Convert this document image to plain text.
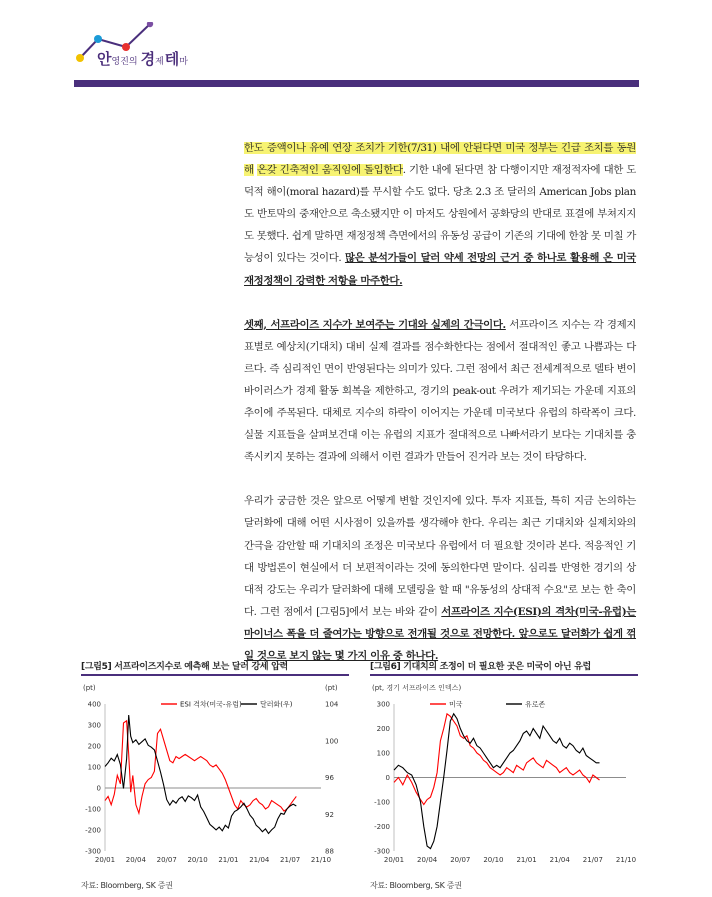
안영진의 경제테마

한도 증액이나 유예 연장 조치가 기한(7/31) 내에 안된다면 미국 정부는 긴급 조치를 동원해 온갖 긴축적인 움직임에 돌입한다. 기한 내에 된다면 참 다행이지만 재정적자에 대한 도덕적 해이(moral hazard)를 무시할 수도 없다. 당초 2.3 조 달러의 American Jobs plan 도 반토막의 중재안으로 축소됐지만 이 마저도 상원에서 공화당의 반대로 표결에 부쳐지지도 못했다. 쉽게 말하면 재정정책 측면에서의 유동성 공급이 기존의 기대에 한참 못 미칠 가능성이 있다는 것이다. 많은 분석가들이 달러 약세 전망의 근거 중 하나로 활용해 온 미국 재정정책이 강력한 저항을 마주한다.

셋째, 서프라이즈 지수가 보여주는 기대와 실제의 간극이다. 서프라이즈 지수는 각 경제지표별로 예상치(기대치) 대비 실제 결과를 점수화한다는 점에서 절대적인 좋고 나쁨과는 다르다. 즉 심리적인 면이 반영된다는 의미가 있다. 그런 점에서 최근 전세계적으로 델타 변이 바이러스가 경제 활동 회복을 제한하고, 경기의 peak-out 우려가 제기되는 가운데 지표의 추이에 주목된다. 대체로 지수의 하락이 이어지는 가운데 미국보다 유럽의 하락폭이 크다. 실물 지표들을 살펴보건대 이는 유럽의 지표가 절대적으로 나빠서라기 보다는 기대치를 충족시키지 못하는 결과에 의해서 이런 결과가 만들어 진거라 보는 것이 타당하다.

우리가 궁금한 것은 앞으로 어떻게 변할 것인지에 있다. 투자 지표들, 특히 지금 논의하는 달러화에 대해 어떤 시사점이 있을까를 생각해야 한다. 우리는 최근 기대치와 실제치와의 간극을 감안할 때 기대치의 조정은 미국보다 유럽에서 더 필요할 것이라 본다. 적응적인 기대 방법론이 현실에서 더 보편적이라는 것에 동의한다면 말이다. 심리를 반영한 경기의 상대적 강도는 우리가 달러화에 대해 모델링을 할 때 "유동성의 상대적 수요"로 보는 한 축이다. 그런 점에서 [그림5]에서 보는 바와 같이 서프라이즈 지수(ESI)의 격차(미국-유럽)는 마이너스 폭을 더 줄여가는 방향으로 전개될 것으로 전망한다. 앞으로도 달러화가 쉽게 꺾일 것으로 보지 않는 몇 가지 이유 중 하나다.

[그림5] 서프라이즈지수로 예측해 보는 달러 강세 압력
(pt)	(pt)
-300
-200
-100
0
100
200
300
400
88
92
96
100
104
20/01 20/04 20/07 20/10 21/01 21/04 21/07 21/10
ESI 격차(미국-유럽)	달러화(우)
자료: Bloomberg, SK 증권
[그림6] 기대치의 조정이 더 필요한 곳은 미국이 아닌 유럽
(pt, 경기 서프라이즈 인덱스)
-300
-200
-100
0
100
200
300
20/01 20/04 20/07 20/10 21/01 21/04 21/07 21/10
미국	유로존
자료: Bloomberg, SK 증권
